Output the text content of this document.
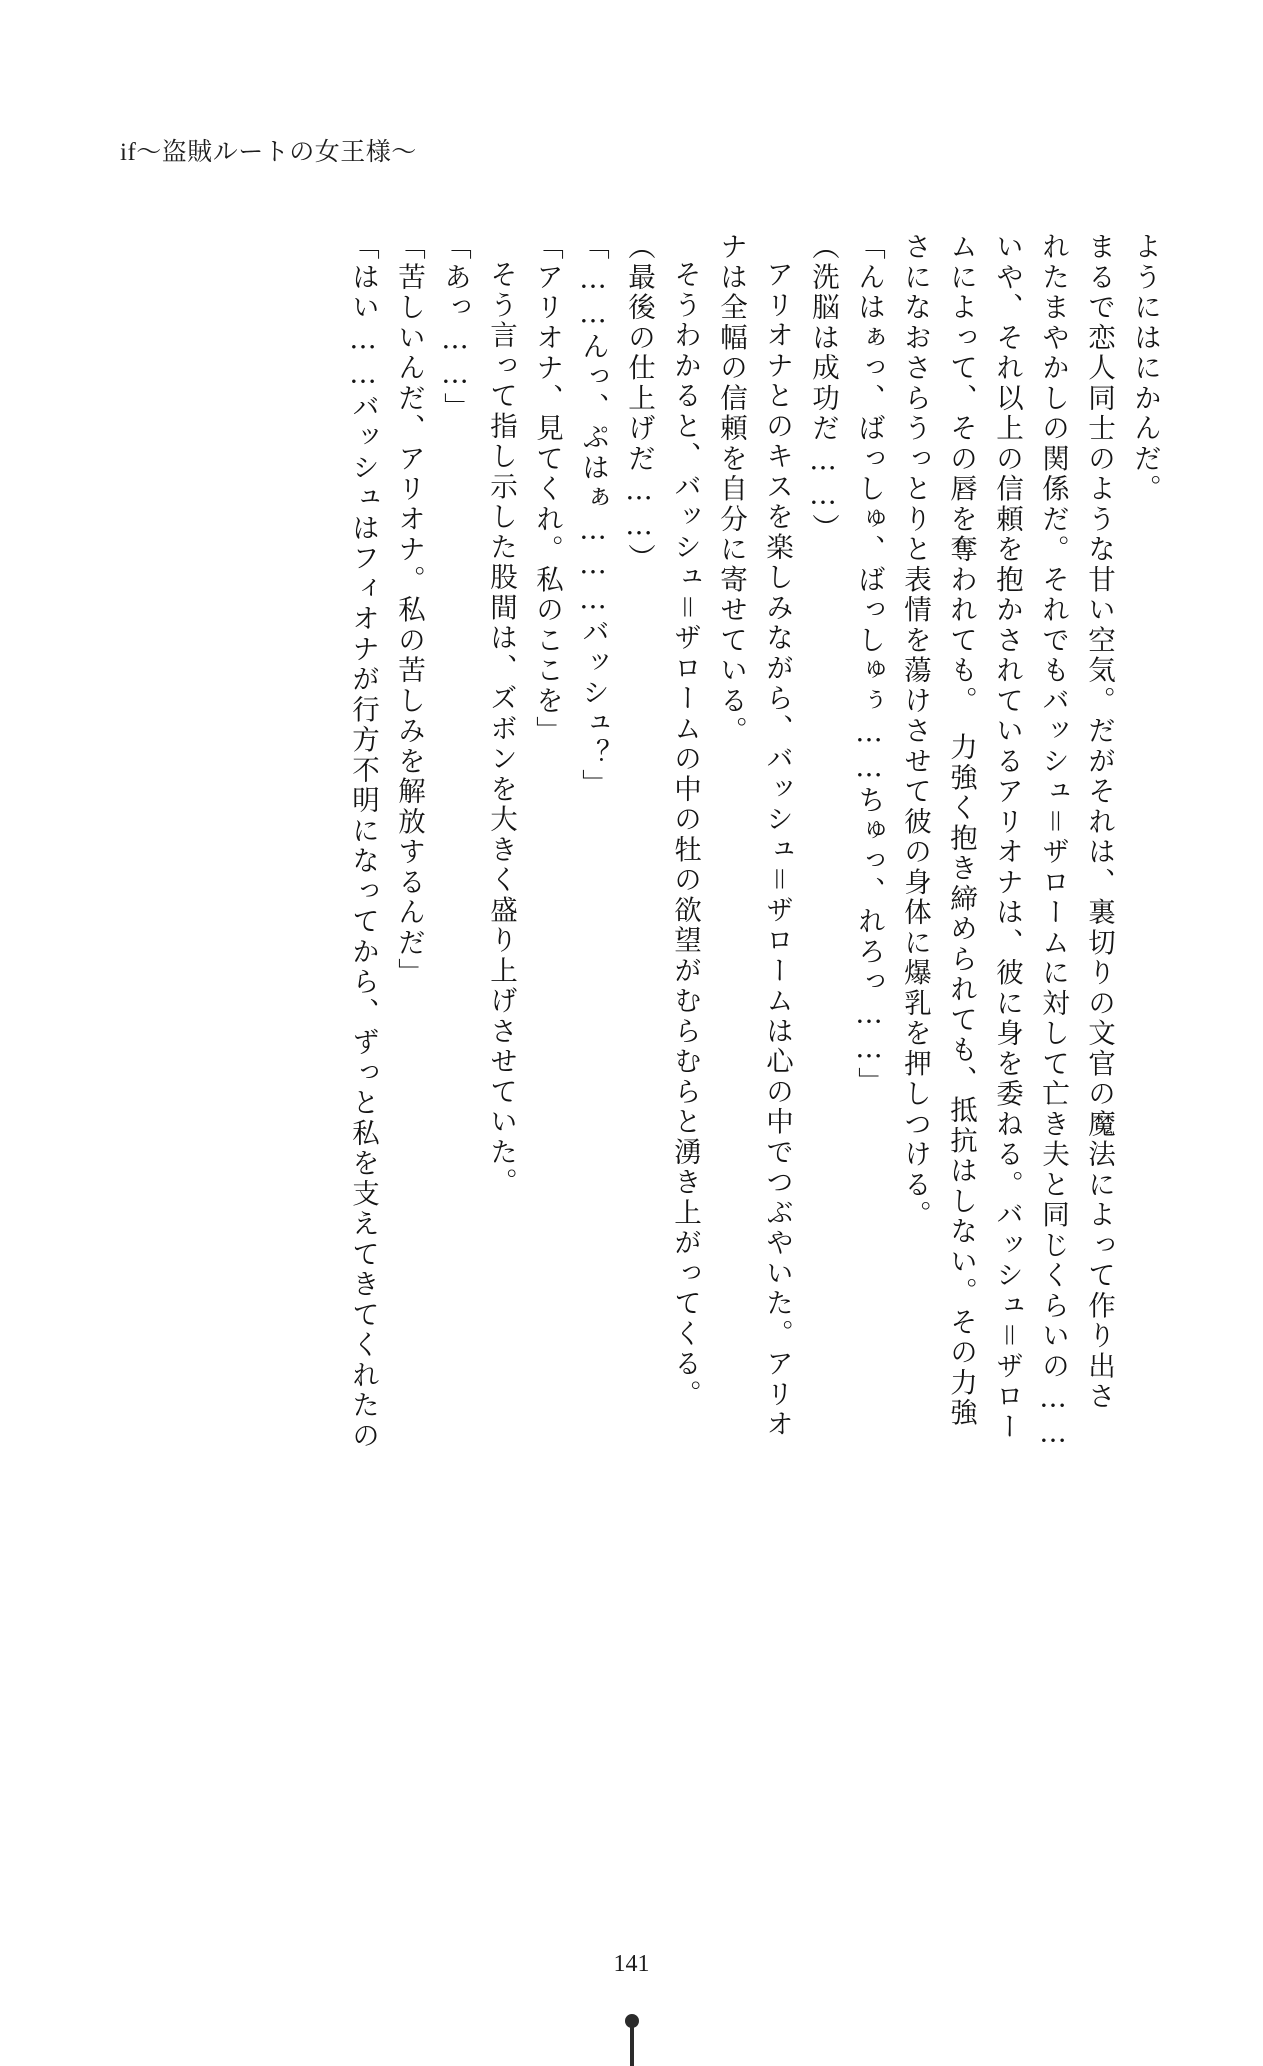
if〜盗賊ルートの女王様〜
ようにはにかんだ。
まるで恋人同士のような甘い空気。だがそれは、裏切りの文官の魔法によって作り出さ
れたまやかしの関係だ。それでもバッシュ＝ザロームに対して亡き夫と同じくらいの……
いや、それ以上の信頼を抱かされているアリオナは、彼に身を委ねる。バッシュ＝ザロー
ムによって、その唇を奪われても。　力強く抱き締められても、抵抗はしない。その力強
さになおさらうっとりと表情を蕩けさせて彼の身体に爆乳を押しつける。
「んはぁっ、ばっしゅ、ばっしゅぅ……ちゅっ、れろっ……」
（洗脳は成功だ……）
アリオナとのキスを楽しみながら、バッシュ＝ザロームは心の中でつぶやいた。アリオ
ナは全幅の信頼を自分に寄せている。
そうわかると、バッシュ＝ザロームの中の牡の欲望がむらむらと湧き上がってくる。
（最後の仕上げだ……）
「……んっ、ぷはぁ………バッシュ？」
「アリオナ、見てくれ。私のここを」
そう言って指し示した股間は、ズボンを大きく盛り上げさせていた。
「あっ……」
「苦しいんだ、アリオナ。私の苦しみを解放するんだ」
「はい……バッシュはフィオナが行方不明になってから、ずっと私を支えてきてくれたの
141
